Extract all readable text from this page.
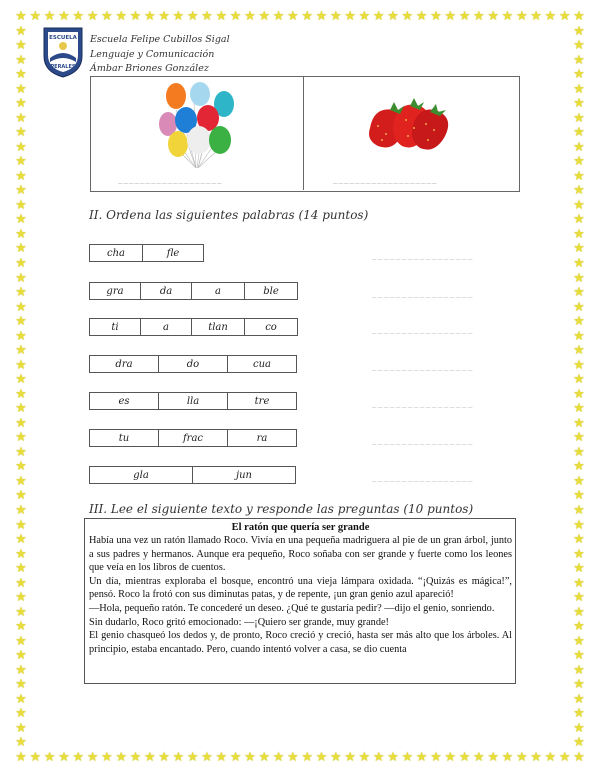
★
★
★
★
★
★
★
★
★
★
★
★
★
★
★
★
★
★
★
★
★
★
★
★
★
★
★
★
★
★
★
★
★
★
★
★
★
★
★
★
★
★
★
★
★
★
★
★
★
★
★
★
★
★
★
★
★
★
★
★
★
★
★
★
★
★
★
★
★
★
★
★
★
★
★
★
★
★
★
★
★	★
★	★
★	★
★	★
★	★
★	★
★	★
★	★
★	★
★	★
★	★
★	★
★	★
★	★
★	★
★	★
★	★
★	★
★	★
★	★
★	★
★	★
★	★
★	★
★	★
★	★
★	★
★	★
★	★
★	★
★	★
★	★
★	★
★	★
★	★
★	★
★	★
★	★
★	★
★	★
★	★
★	★
★	★
★	★
★	★
★	★
★	★
★	★
★	★
★	★
ESCUELA
PERALES
Escuela Felipe Cubillos Sigal
Lenguaje y Comunicación
Ámbar Briones González
___________________	___________________
II. Ordena las siguientes palabras (14 puntos)
cha	fle	_________________
gra	da	a	ble	_________________
ti	a	tlan	co	_________________
dra	do	cua	_________________
es	lla	tre	_________________
tu	frac	ra	_________________
gla	jun	_________________
III. Lee el siguiente texto y responde las preguntas (10 puntos)
El ratón que quería ser grande

Había una vez un ratón llamado Roco. Vivía en una pequeña madriguera al pie de un gran árbol, junto a sus padres y hermanos. Aunque era pequeño, Roco soñaba con ser grande y fuerte como los leones que veía en los libros de cuentos.

Un día, mientras exploraba el bosque, encontró una vieja lámpara oxidada. “¡Quizás es mágica!”, pensó. Roco la frotó con sus diminutas patas, y de repente, ¡un gran genio azul apareció!

—Hola, pequeño ratón. Te concederé un deseo. ¿Qué te gustaría pedir? —dijo el genio, sonriendo.

Sin dudarlo, Roco gritó emocionado: —¡Quiero ser grande, muy grande!

El genio chasqueó los dedos y, de pronto, Roco creció y creció, hasta ser más alto que los árboles. Al principio, estaba encantado. Pero, cuando intentó volver a casa, se dio cuenta
